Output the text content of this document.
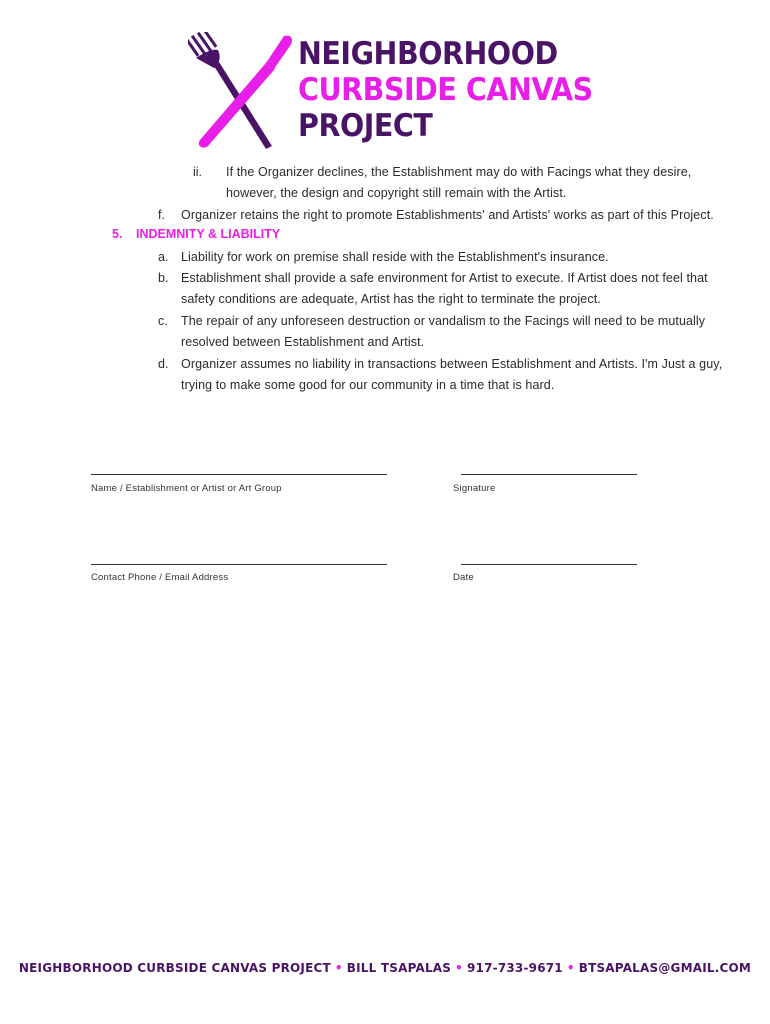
NEIGHBORHOOD
CURBSIDE CANVAS
PROJECT
ii. If the Organizer declines, the Establishment may do with Facings what they desire,
however, the design and copyright still remain with the Artist.
f. Organizer retains the right to promote Establishments' and Artists' works as part of this Project.
5. INDEMNITY & LIABILITY
a. Liability for work on premise shall reside with the Establishment's insurance.
b. Establishment shall provide a safe environment for Artist to execute. If Artist does not feel that
safety conditions are adequate, Artist has the right to terminate the project.
c. The repair of any unforeseen destruction or vandalism to the Facings will need to be mutually
resolved between Establishment and Artist.
d. Organizer assumes no liability in transactions between Establishment and Artists. I'm Just a guy,
trying to make some good for our community in a time that is hard.
Name / Establishment or Artist or Art Group	Signature
Contact Phone / Email Address	Date
NEIGHBORHOOD CURBSIDE CANVAS PROJECT • BILL TSAPALAS • 917-733-9671 • BTSAPALAS@GMAIL.COM
